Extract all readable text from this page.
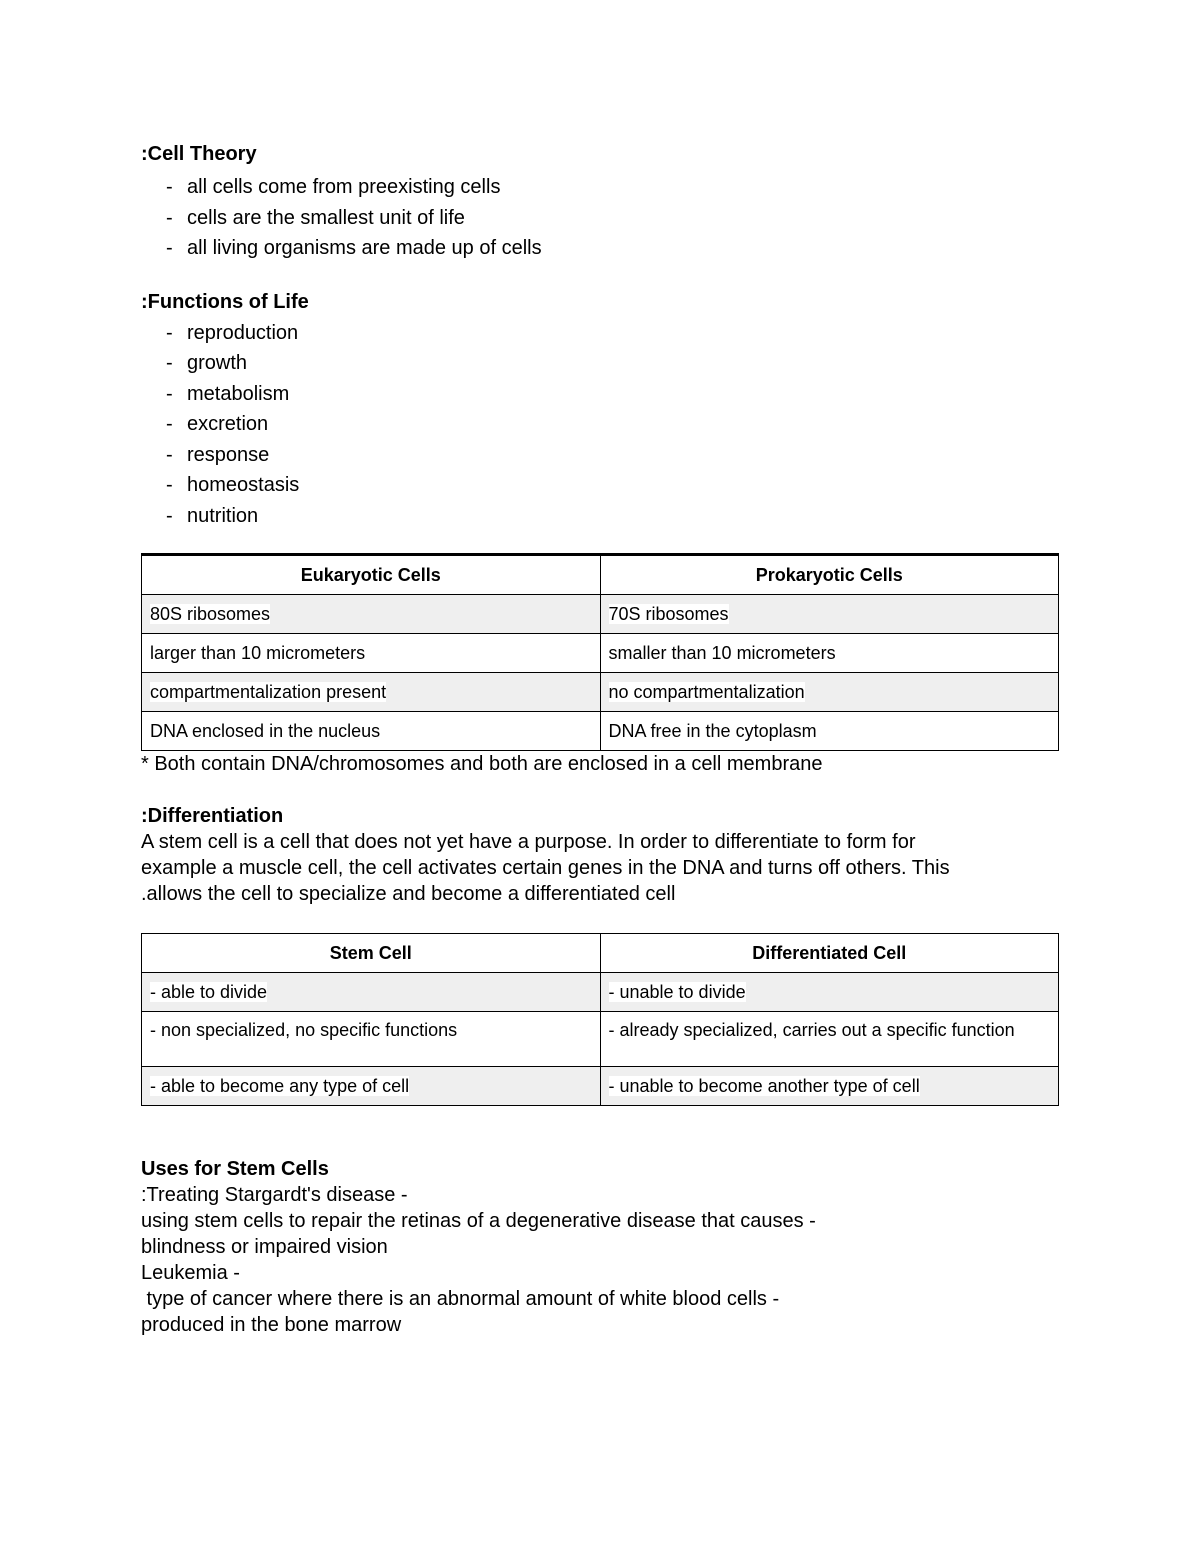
:Cell Theory

- all cells come from preexisting cells
- cells are the smallest unit of life
- all living organisms are made up of cells

:Functions of Life

- reproduction
- growth
- metabolism
- excretion
- response
- homeostasis
- nutrition
Eukaryotic Cells	Prokaryotic Cells
80S ribosomes	70S ribosomes
larger than 10 micrometers	smaller than 10 micrometers
compartmentalization present	no compartmentalization
DNA enclosed in the nucleus	DNA free in the cytoplasm

* Both contain DNA/chromosomes and both are enclosed in a cell membrane

:Differentiation

A stem cell is a cell that does not yet have a purpose. In order to differentiate to form for

example a muscle cell, the cell activates certain genes in the DNA and turns off others. This

.allows the cell to specialize and become a differentiated cell

Stem Cell	Differentiated Cell
- able to divide	- unable to divide
- non specialized, no specific functions	- already specialized, carries out a specific function
- able to become any type of cell	- unable to become another type of cell

Uses for Stem Cells

:Treating Stargardt's disease -

using stem cells to repair the retinas of a degenerative disease that causes -

blindness or impaired vision

Leukemia -

type of cancer where there is an abnormal amount of white blood cells -

produced in the bone marrow
